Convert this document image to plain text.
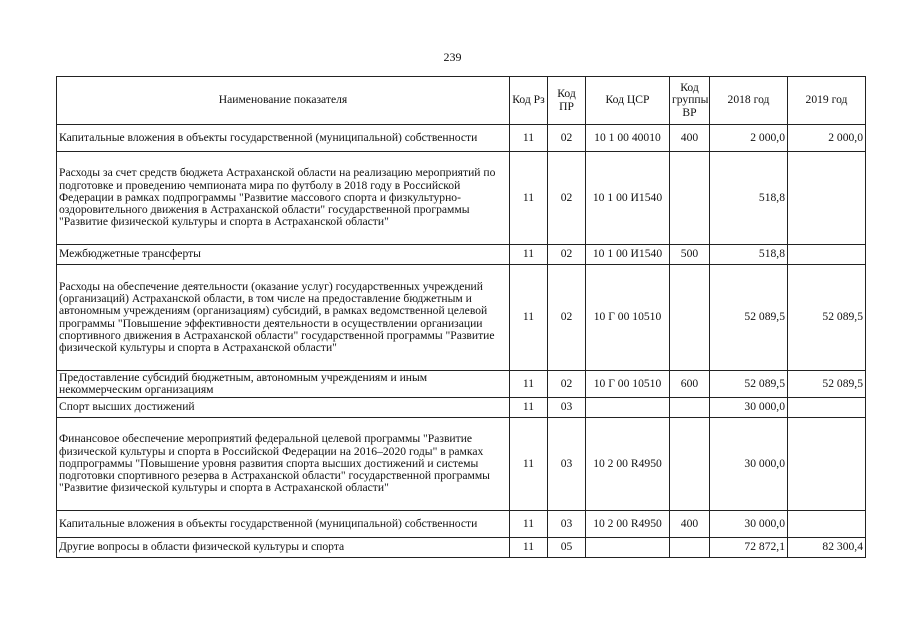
239
Наименование показателя	Код Рз	Код ПР	Код ЦСР	Код группы ВР	2018 год	2019 год
Капитальные вложения в объекты государственной (муниципальной) собственности	11	02	10 1 00 40010	400	2 000,0	2 000,0
Расходы за счет средств бюджета Астраханской области на реализацию мероприятий по подготовке и проведению чемпионата мира по футболу в 2018 году в Российской Федерации в рамках подпрограммы "Развитие массового спорта и физкультурно-оздоровительного движения в Астраханской области" государственной программы "Развитие физической культуры и спорта в Астраханской области"	11	02	10 1 00 И1540		518,8	
Межбюджетные трансферты	11	02	10 1 00 И1540	500	518,8	
Расходы на обеспечение деятельности (оказание услуг) государственных учреждений (организаций) Астраханской области, в том числе на предоставление бюджетным и автономным учреждениям (организациям) субсидий, в рамках ведомственной целевой программы "Повышение эффективности деятельности в осуществлении организации спортивного движения в Астраханской области" государственной программы "Развитие физической культуры и спорта в Астраханской области"	11	02	10 Г 00 10510		52 089,5	52 089,5
Предоставление субсидий бюджетным, автономным учреждениям и иным некоммерческим организациям	11	02	10 Г 00 10510	600	52 089,5	52 089,5
Спорт высших достижений	11	03			30 000,0	
Финансовое обеспечение мероприятий федеральной целевой программы "Развитие физической культуры и спорта в Российской Федерации на 2016–2020 годы" в рамках подпрограммы "Повышение уровня развития спорта высших достижений и системы подготовки спортивного резерва в Астраханской области" государственной программы "Развитие физической культуры и спорта в Астраханской области"	11	03	10 2 00 R4950		30 000,0	
Капитальные вложения в объекты государственной (муниципальной) собственности	11	03	10 2 00 R4950	400	30 000,0	
Другие вопросы в области физической культуры и спорта	11	05			72 872,1	82 300,4
